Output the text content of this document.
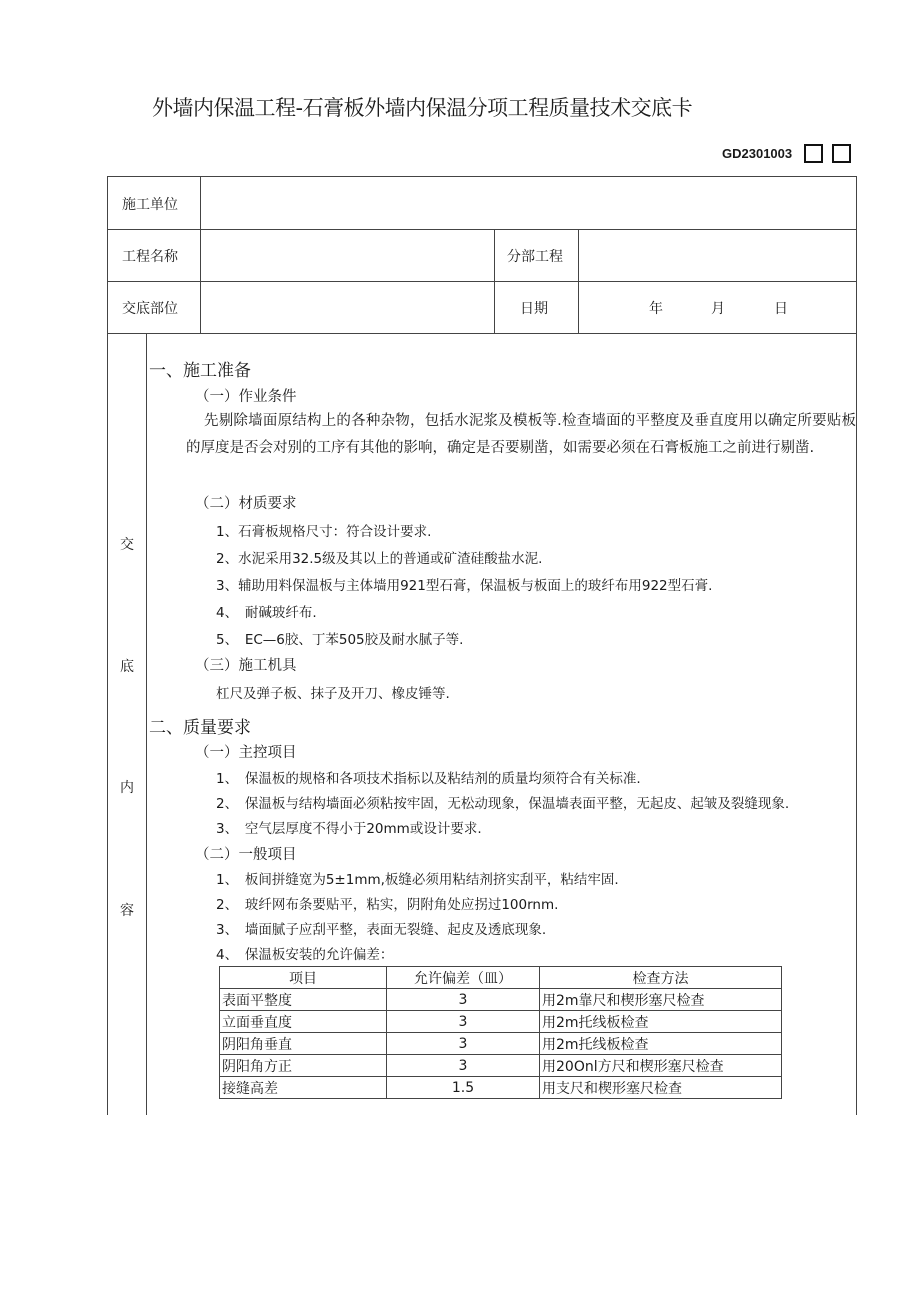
外墙内保温工程-石膏板外墙内保温分项工程质量技术交底卡
GD2301003
施工单位
工程名称	分部工程
交底部位	日期	年	月	日
交
底
内
容
一、施工准备
（一）作业条件
先剔除墙面原结构上的各种杂物，包括水泥浆及模板等.检查墙面的平整度及垂直度用以确定所要贴板的厚度是否会对别的工序有其他的影响，确定是否要剔凿，如需要必须在石膏板施工之前进行剔凿.
（二）材质要求
1、石膏板规格尺寸：符合设计要求.
2、水泥采用32.5级及其以上的普通或矿渣硅酸盐水泥.
3、辅助用料保温板与主体墙用921型石膏，保温板与板面上的玻纤布用922型石膏.
4、　耐碱玻纤布.
5、　EC—6胶、丁苯505胶及耐水腻子等.
（三）施工机具
杠尺及弹子板、抹子及开刀、橡皮锤等.
二、质量要求
（一）主控项目
1、　保温板的规格和各项技术指标以及粘结剂的质量均须符合有关标准.
2、　保温板与结构墙面必须粘按牢固，无松动现象，保温墙表面平整，无起皮、起皱及裂缝现象.
3、　空气层厚度不得小于20mm或设计要求.
（二）一般项目
1、　板间拼缝宽为5±1mm,板缝必须用粘结剂挤实刮平，粘结牢固.
2、　玻纤网布条要贴平，粘实，阴附角处应拐过100rnm.
3、　墙面腻子应刮平整，表面无裂缝、起皮及透底现象.
4、　保温板安装的允许偏差：
项目	允许偏差（皿）	检查方法
表面平整度	3	用2m靠尺和楔形塞尺检查
立面垂直度	3	用2m托线板检查
阴阳角垂直	3	用2m托线板检查
阴阳角方正	3	用20Onl方尺和楔形塞尺检查
接缝高差	1.5	用支尺和楔形塞尺检查
